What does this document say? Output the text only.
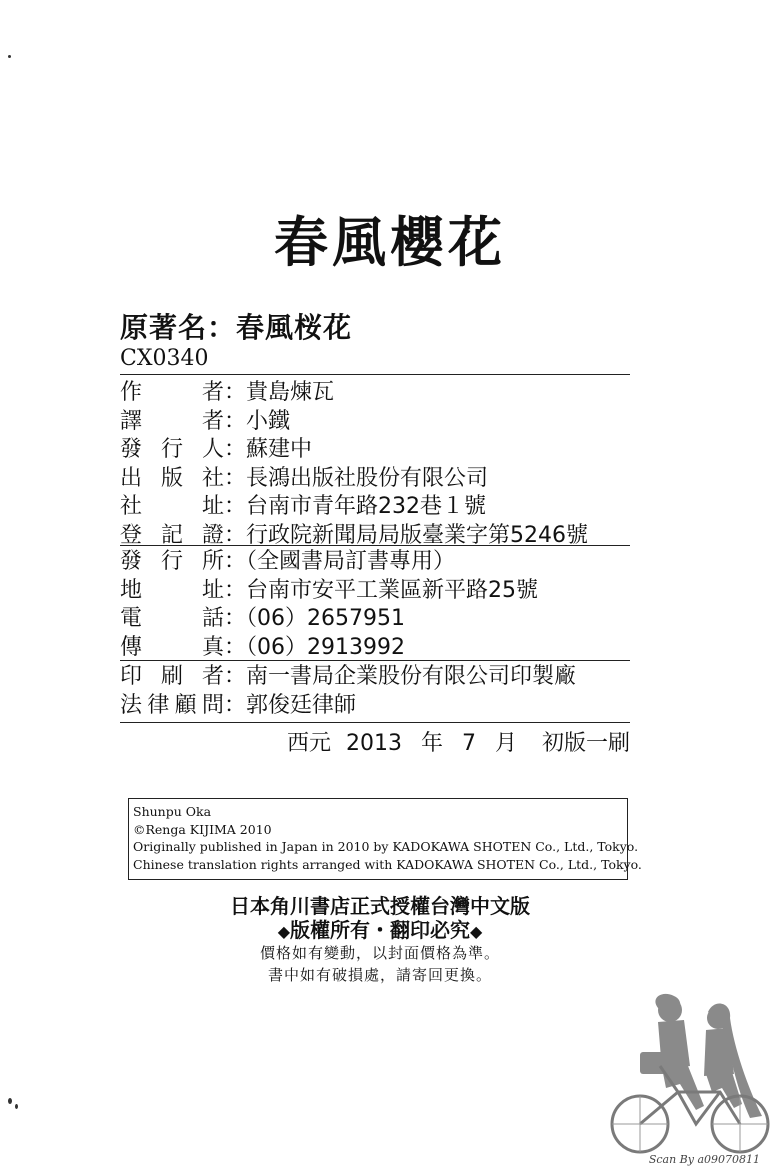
春風櫻花
原著名：春風桜花
CX0340
作	者 ：貴島煉瓦
譯	者 ：小鐵
發 行 人 ：蘇建中
出 版 社 ：長鴻出版社股份有限公司
社	址 ：台南市青年路232巷１號
登 記 證 ：行政院新聞局局版臺業字第5246號
發 行 所 ：（全國書局訂書專用）
地	址 ：台南市安平工業區新平路25號
電	話 ：（06）2657951
傳	真 ：（06）2913992
印 刷 者 ：南一書局企業股份有限公司印製廠
法 律 顧 問 ：郭俊廷律師
西元 2013 年 7 月 初版一刷
Shunpu Oka
©Renga KIJIMA 2010
Originally published in Japan in 2010 by KADOKAWA SHOTEN Co., Ltd., Tokyo.
Chinese translation rights arranged with KADOKAWA SHOTEN Co., Ltd., Tokyo.
日本角川書店正式授權台灣中文版
◆版權所有・翻印必究◆
價格如有變動，以封面價格為準。
書中如有破損處，請寄回更換。
Scan By a09070811
